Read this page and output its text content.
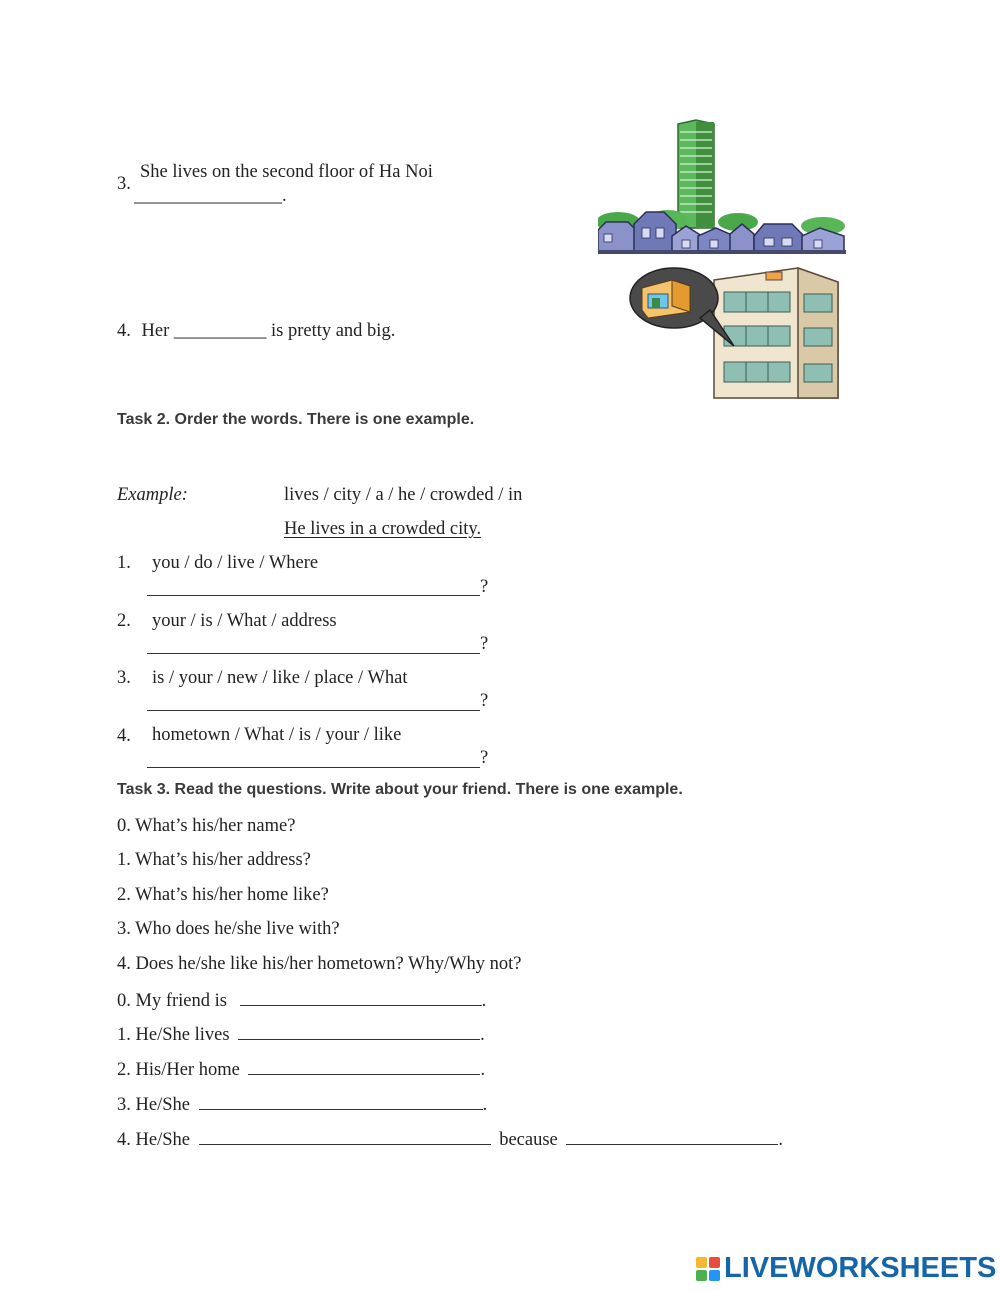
3.
She lives on the second floor of Ha Noi
________________.
4. Her __________ is pretty and big.
Task 2. Order the words. There is one example.
Example:	lives / city / a / he / crowded / in
He lives in a crowded city.
1. you / do / live / Where
?
2. your / is / What / address
?
3. is / your / new / like / place / What
?
4. hometown / What / is / your / like
?
Task 3. Read the questions. Write about your friend. There is one example.
0. What’s his/her name?
1. What’s his/her address?
2. What’s his/her home like?
3. Who does he/she live with?
4. Does he/she like his/her hometown? Why/Why not?
0. My friend is	.
1. He/She lives	.
2. His/Her home	.
3. He/She	.
4. He/She	because	.
LIVEWORKSHEETS
